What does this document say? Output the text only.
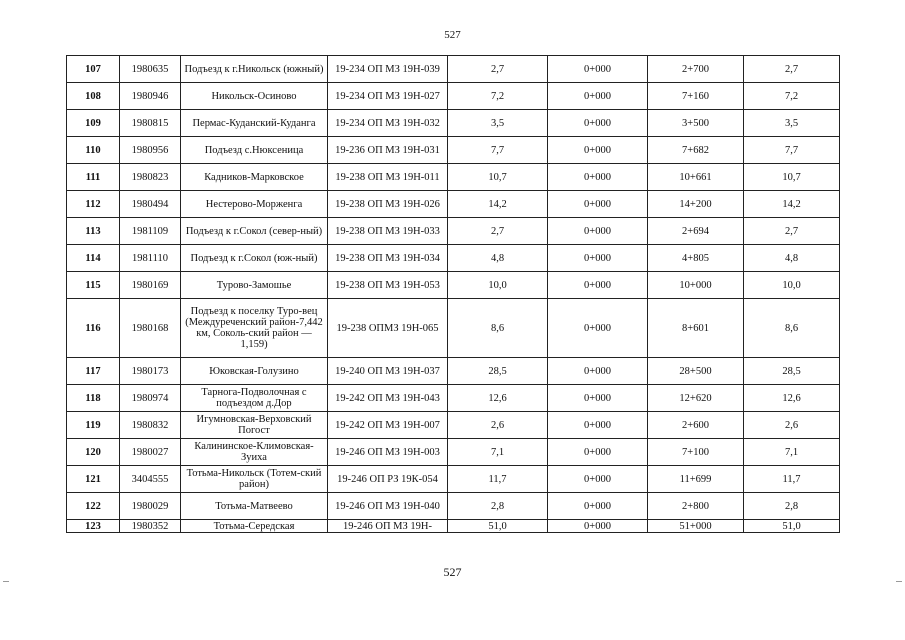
527
107	1980635	Подъезд к г.Никольск (южный)	19-234 ОП МЗ 19Н-039	2,7	0+000	2+700	2,7
108	1980946	Никольск-Осиново	19-234 ОП МЗ 19Н-027	7,2	0+000	7+160	7,2
109	1980815	Пермас-Куданский-Куданга	19-234 ОП МЗ 19Н-032	3,5	0+000	3+500	3,5
110	1980956	Подъезд с.Нюксеница	19-236 ОП МЗ 19Н-031	7,7	0+000	7+682	7,7
111	1980823	Кадников-Марковское	19-238 ОП МЗ 19Н-011	10,7	0+000	10+661	10,7
112	1980494	Нестерово-Морженга	19-238 ОП МЗ 19Н-026	14,2	0+000	14+200	14,2
113	1981109	Подъезд к г.Сокол (север-ный)	19-238 ОП МЗ 19Н-033	2,7	0+000	2+694	2,7
114	1981110	Подъезд к г.Сокол (юж-ный)	19-238 ОП МЗ 19Н-034	4,8	0+000	4+805	4,8
115	1980169	Турово-Замошье	19-238 ОП МЗ 19Н-053	10,0	0+000	10+000	10,0
116	1980168	Подъезд к поселку Туро-вец (Междуреченский район-7,442 км, Соколь-ский район — 1,159)	19-238 ОПМЗ 19Н-065	8,6	0+000	8+601	8,6
117	1980173	Юковская-Голузино	19-240 ОП МЗ 19Н-037	28,5	0+000	28+500	28,5
118	1980974	Тарнога-Подволочная с подъездом д.Дор	19-242 ОП МЗ 19Н-043	12,6	0+000	12+620	12,6
119	1980832	Игумновская-Верховский Погост	19-242 ОП МЗ 19Н-007	2,6	0+000	2+600	2,6
120	1980027	Калининское-Климовская-Зуиха	19-246 ОП МЗ 19Н-003	7,1	0+000	7+100	7,1
121	3404555	Тотьма-Никольск (Тотем-ский район)	19-246 ОП РЗ 19К-054	11,7	0+000	11+699	11,7
122	1980029	Тотьма-Матвеево	19-246 ОП МЗ 19Н-040	2,8	0+000	2+800	2,8
123	1980352	Тотьма-Середская	19-246 ОП МЗ 19Н-	51,0	0+000	51+000	51,0
527
